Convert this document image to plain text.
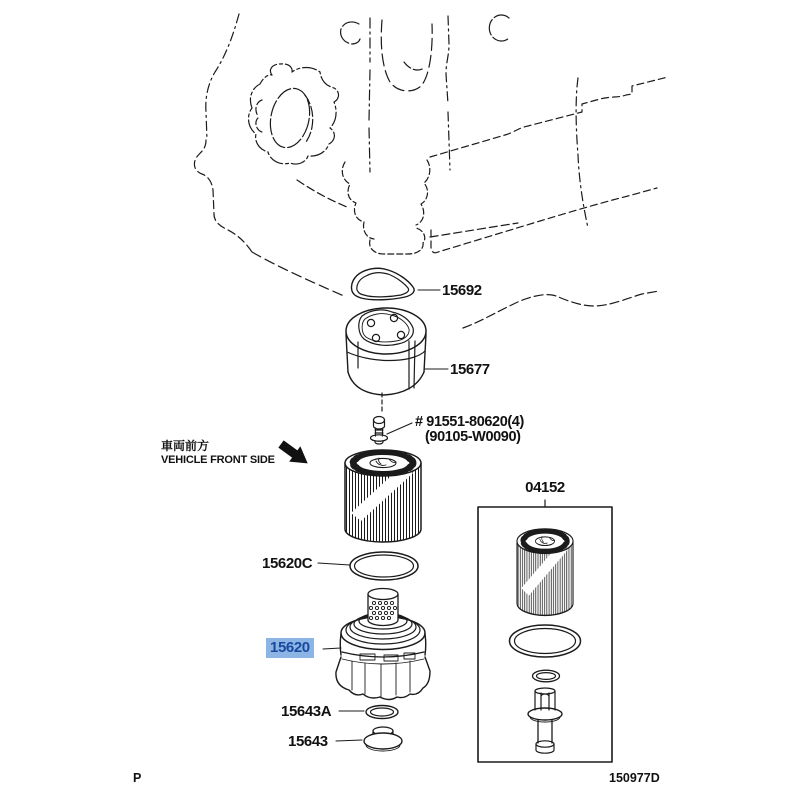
15692
15677
# 91551-80620(4)
(90105-W0090)
04152
15620C
15620
15643A
15643
車両前方
VEHICLE FRONT SIDE
P	150977D
